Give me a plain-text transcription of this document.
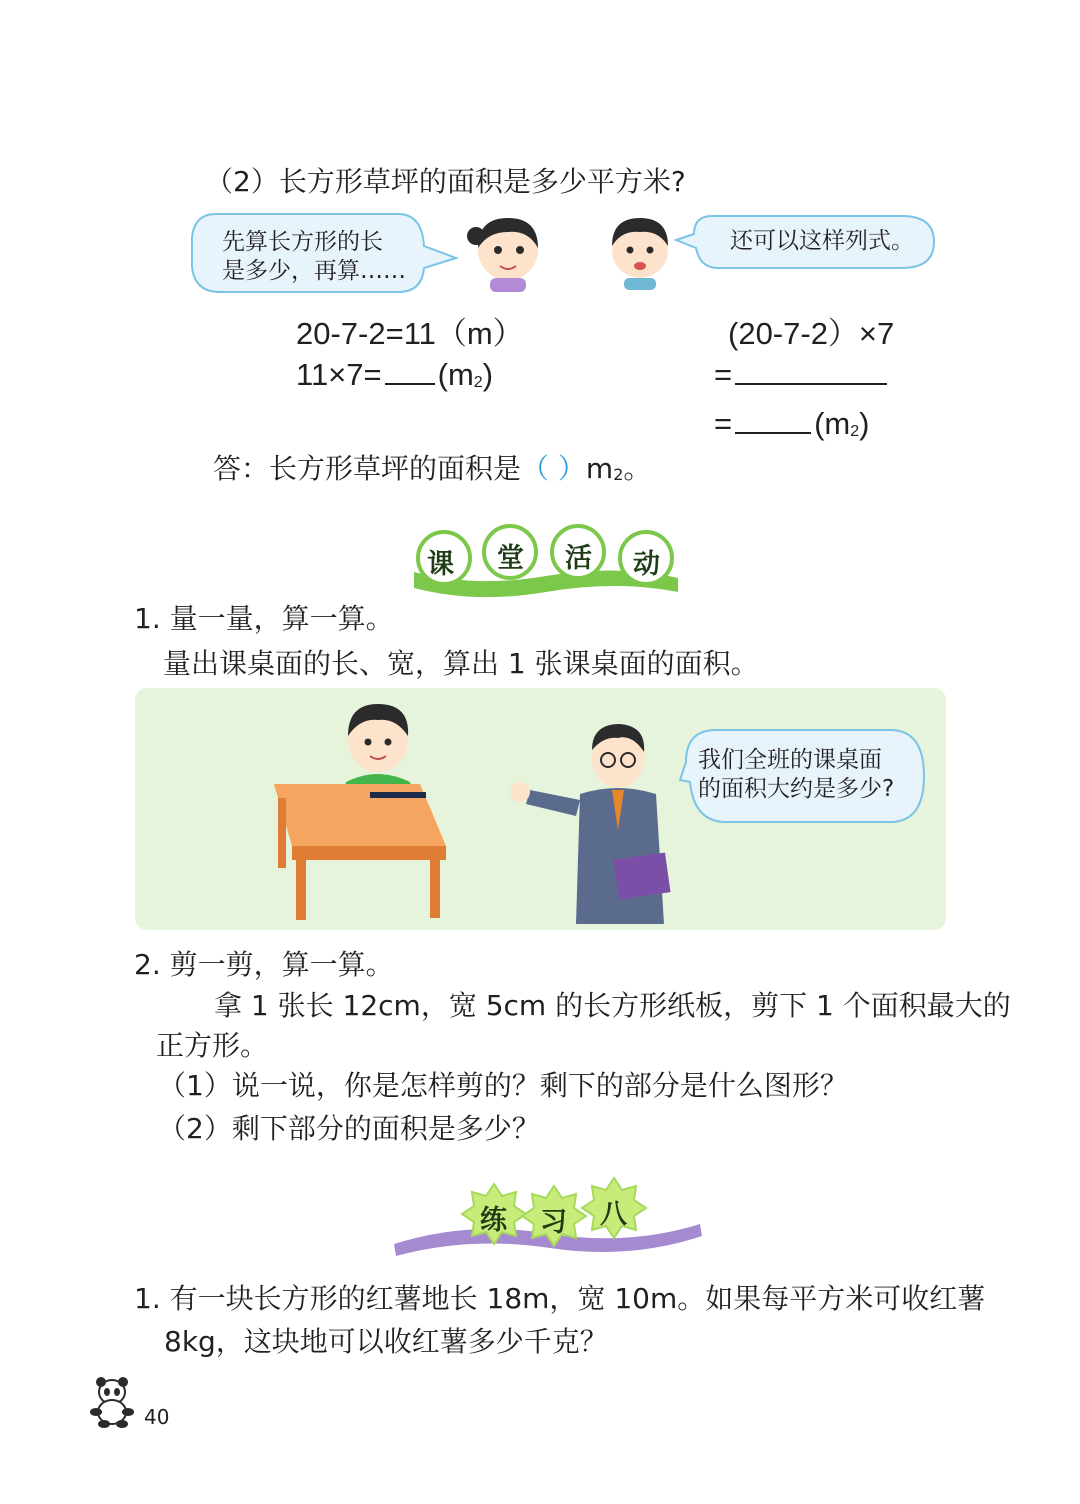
（2）长方形草坪的面积是多少平方米?
先算长方形的长
是多少，再算……
还可以这样列式。
20-7-2=11（m）
$11\times 7= (m_2)$
(20-7-2）×7
=
=	$(m_2)$
答：长方形草坪的面积是（ ）$m_2$。
课 堂 活 动
1. 量一量，算一算。
量出课桌面的长、宽，算出 1 张课桌面的面积。
我们全班的课桌面
的面积大约是多少?
2. 剪一剪，算一算。
拿 1 张长 12cm，宽 5cm 的长方形纸板，剪下 1 个面积最大的
正方形。
（1）说一说，你是怎样剪的？剩下的部分是什么图形？
（2）剩下部分的面积是多少？
练 习 八
1. 有一块长方形的红薯地长 18m，宽 10m。如果每平方米可收红薯
8kg，这块地可以收红薯多少千克？
40
